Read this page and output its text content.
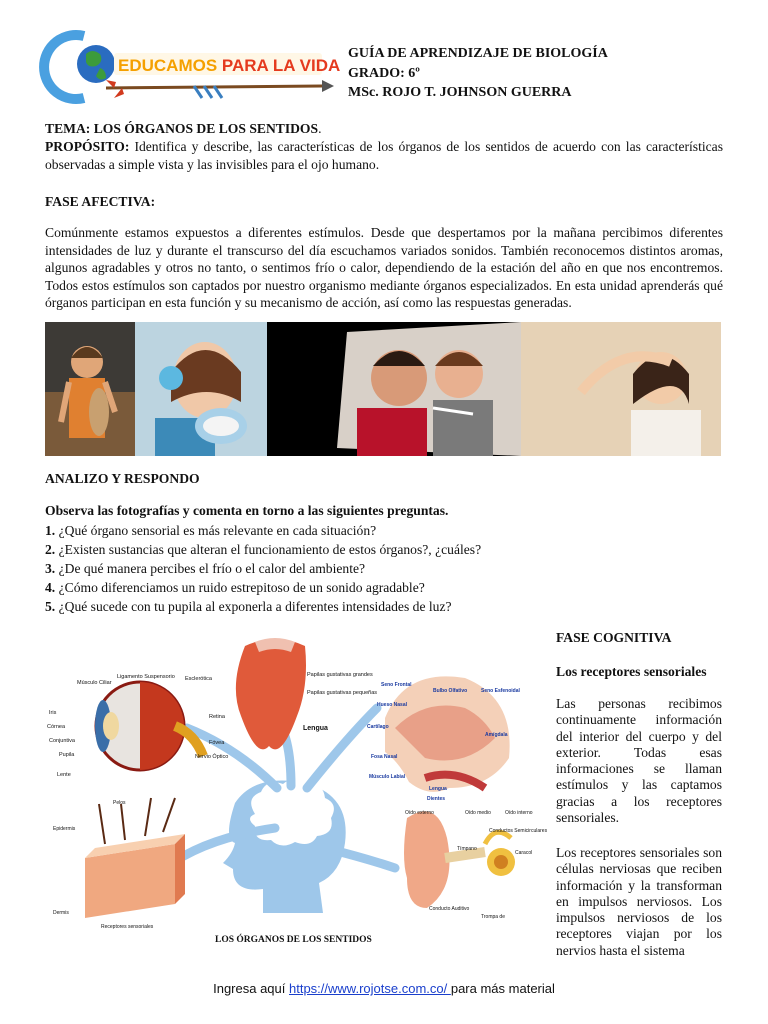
EDUCAMOS PARA LA VIDA
GUÍA DE APRENDIZAJE DE BIOLOGÍA
GRADO: 6º
MSc. ROJO T. JOHNSON GUERRA
TEMA: LOS ÓRGANOS DE LOS SENTIDOS.
PROPÓSITO: Identifica y describe, las características de los órganos de los sentidos de acuerdo con las características observadas a simple vista y las invisibles para el ojo humano.
FASE AFECTIVA:
Comúnmente estamos expuestos a diferentes estímulos. Desde que despertamos por la mañana percibimos diferentes intensidades de luz y durante el transcurso del día escuchamos variados sonidos. También reconocemos distintos aromas, algunos agradables y otros no tanto, o sentimos frío o calor, dependiendo de la estación del año en que nos encontremos. Todos estos estímulos son captados por nuestro organismo mediante órganos especializados. En esta unidad aprenderás qué órganos participan en esta función y su mecanismo de acción, así como las respuestas generadas.
ANALIZO Y RESPONDO
Observa las fotografías y comenta en torno a las siguientes preguntas.
1. ¿Qué órgano sensorial es más relevante en cada situación?
2. ¿Existen sustancias que alteran el funcionamiento de estos órganos?, ¿cuáles?
3. ¿De qué manera percibes el frío o el calor del ambiente?
4. ¿Cómo diferenciamos un ruido estrepitoso de un sonido agradable?
5. ¿Qué sucede con tu pupila al exponerla a diferentes intensidades de luz?
Músculo Ciliar
Ligamento Suspensorio Esclerótica
Iris
Córnea
Conjuntiva
Pupila
Lente
Retina
Fóvea
Nervio Óptico
Papilas gustativas grandes
Papilas gustativas pequeñas
Lengua
Seno Frontal
Bulbo Olfativo	Seno Esfenoidal
Hueso Nasal
Cartílago
Amígdala
Fosa Nasal
Músculo Labial
Lengua
Dientes
Pelos
Epidermis
Dermis
Receptores sensoriales
Oído externo	Oído medio	Oído interno
Conductos Semicirculares
Tímpano
Caracol
Conducto Auditivo
Trompa de
LOS ÓRGANOS DE LOS SENTIDOS
FASE COGNITIVA
Los receptores sensoriales
Las personas recibimos continuamente información del interior del cuerpo y del exterior. Todas esas informaciones se llaman estímulos y las captamos gracias a los receptores sensoriales.
Los receptores sensoriales son células nerviosas que reciben información y la transforman en impulsos nerviosos. Los impulsos nerviosos de los receptores viajan por los nervios hasta el sistema
Ingresa aquí https://www.rojotse.com.co/ para más material
